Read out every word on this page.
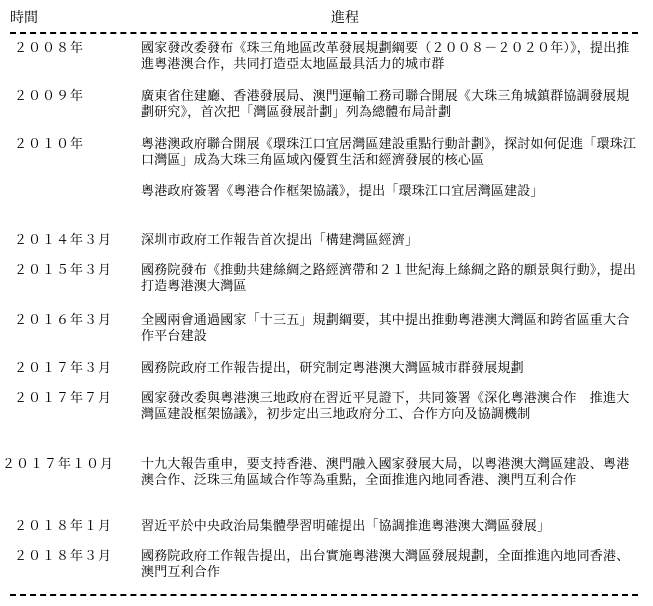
時間	進程
２００８年	國家發改委發布《珠三角地區改革發展規劃綱要（２００８－２０２０年）》，提出推進粵港澳合作，共同打造亞太地區最具活力的城市群

２００９年	廣東省住建廳、香港發展局、澳門運輸工務司聯合開展《大珠三角城鎮群協調發展規劃研究》，首次把「灣區發展計劃」列為總體布局計劃

２０１０年	粵港澳政府聯合開展《環珠江口宜居灣區建設重點行動計劃》，探討如何促進「環珠江口灣區」成為大珠三角區域內優質生活和經濟發展的核心區

粵港政府簽署《粵港合作框架協議》，提出「環珠江口宜居灣區建設」

２０１４年３月 深圳市政府工作報告首次提出「構建灣區經濟」

２０１５年３月 國務院發布《推動共建絲綢之路經濟帶和２１世紀海上絲綢之路的願景與行動》，提出打造粵港澳大灣區

２０１６年３月 全國兩會通過國家「十三五」規劃綱要，其中提出推動粵港澳大灣區和跨省區重大合作平台建設

２０１７年３月 國務院政府工作報告提出，研究制定粵港澳大灣區城市群發展規劃

２０１７年７月 國家發改委與粵港澳三地政府在習近平見證下，共同簽署《深化粵港澳合作　推進大灣區建設框架協議》，初步定出三地政府分工、合作方向及協調機制

２０１７年１０月 十九大報告重申，要支持香港、澳門融入國家發展大局，以粵港澳大灣區建設、粵港澳合作、泛珠三角區域合作等為重點，全面推進內地同香港、澳門互利合作

２０１８年１月 習近平於中央政治局集體學習明確提出「協調推進粵港澳大灣區發展」

２０１８年３月 國務院政府工作報告提出，出台實施粵港澳大灣區發展規劃，全面推進內地同香港、澳門互利合作
